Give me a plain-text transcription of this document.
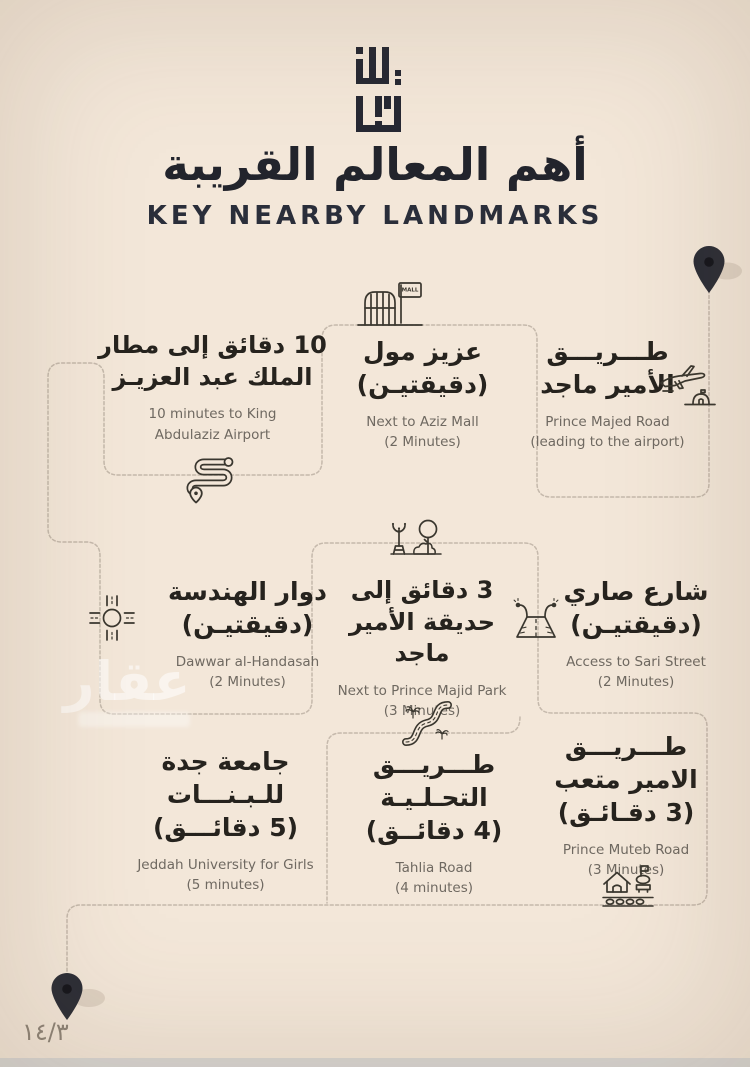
أهم المعالم القريبة
KEY NEARBY LANDMARKS
10 دقائق إلى مطار
الملك عبد العزيـز
10 minutes to King
Abdulaziz Airport
عزيز مول
(دقيقتيـن)
Next to Aziz Mall
(2 Minutes)
MALL
طـــريـــق
الأمير ماجد
Prince Majed Road
(leading to the airport)
دوار الهندسة
(دقيقتيـن)
Dawwar al-Handasah
(2 Minutes)
3 دقائق إلى
حديقة الأمير ماجد
Next to Prince Majid Park
(3 Minutes)
شارع صاري
(دقيقتيـن)
Access to Sari Street
(2 Minutes)
جامعة جدة
للـبـنـــات
(5 دقائـــق)
Jeddah University for Girls
(5 minutes)
طـــريـــق
التحـلـيـة
(4 دقائــق)
Tahlia Road
(4 minutes)
طـــريـــق
الامير متعب
(3 دقـائـق)
Prince Muteb Road
(3 Minutes)
عقار
١٤/٣
